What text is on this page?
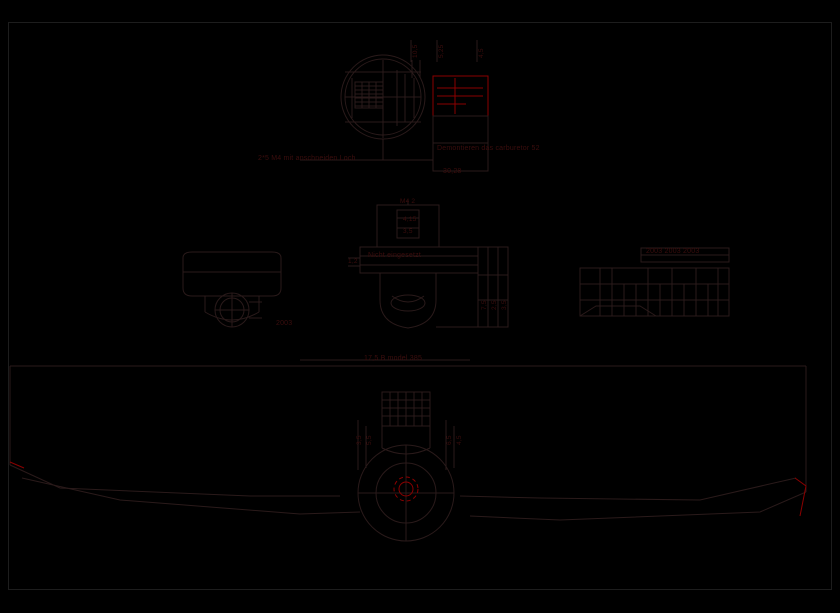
10,5	5,25	4,5
2*5 M4 mit anschneiden Loch
Demontieren das carburetor 52
30,28
2003
M4 2
4,15
3,5
Nicht eingesetzt
1,2
7,5 2,5 3,5
2003 2003 2003
17,5 B model 385
3,5 5,5	6,5 4,5
